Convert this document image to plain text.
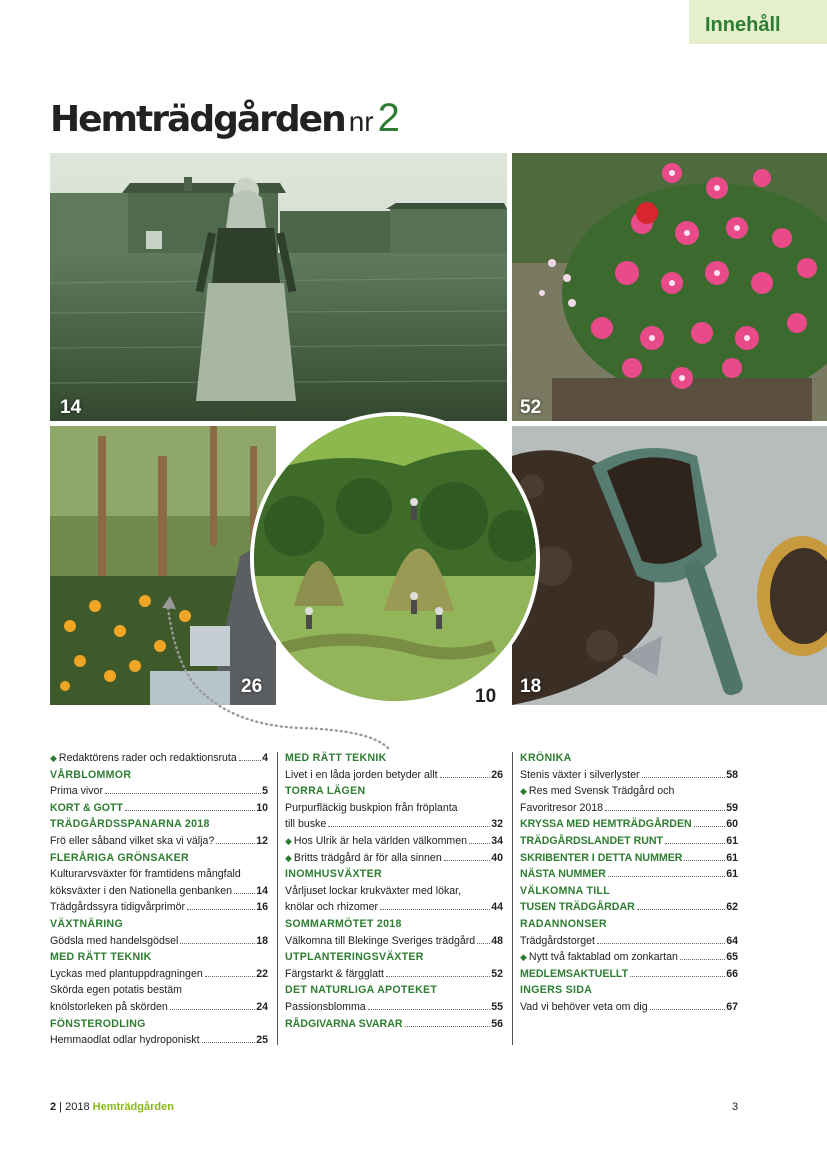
Innehåll
Hemträdgården nr 2
14	52
26	18
10
◆ Redaktörens rader och redaktionsruta 4
VÅRBLOMMOR
Prima vivor	5
KORT & GOTT	10
TRÄDGÅRDSSPANARNA 2018
Frö eller såband vilket ska vi välja?	12
FLERÅRIGA GRÖNSAKER
Kulturarvsväxter för framtidens mångfald
köksväxter i den Nationella genbanken 14
Trädgårdssyra tidigvårprimör	16
VÄXTNÄRING
Gödsla med handelsgödsel	18
MED RÄTT TEKNIK
Lyckas med plantuppdragningen	22
Skörda egen potatis bestäm
knölstorleken på skörden	24
FÖNSTERODLING
Hemmaodlat odlar hydroponiskt	25
MED RÄTT TEKNIK
Livet i en låda jorden betyder allt	26
TORRA LÄGEN
Purpurfläckig buskpion från fröplanta
till buske	32
◆ Hos Ulrik är hela världen välkommen 34
◆ Britts trädgård är för alla sinnen	40
INOMHUSVÄXTER
Vårljuset lockar krukväxter med lökar,
knölar och rhizomer	44
SOMMARMÖTET 2018
Välkomna till Blekinge Sveriges trädgård 48
UTPLANTERINGSVÄXTER
Färgstarkt & färgglatt	52
DET NATURLIGA APOTEKET
Passionsblomma	55
RÅDGIVARNA SVARAR	56
KRÖNIKA
Stenis växter i silverlyster	58
◆ Res med Svensk Trädgård och
Favoritresor 2018	59
KRYSSA MED HEMTRÄDGÅRDEN	60
TRÄDGÅRDSLANDET RUNT	61
SKRIBENTER I DETTA NUMMER	61
NÄSTA NUMMER	61
VÄLKOMNA TILL
TUSEN TRÄDGÅRDAR	62
RADANNONSER
Trädgårdstorget	64
◆ Nytt två faktablad om zonkartan	65
MEDLEMSAKTUELLT	66
INGERS SIDA
Vad vi behöver veta om dig	67
2 | 2018 Hemträdgården	3
